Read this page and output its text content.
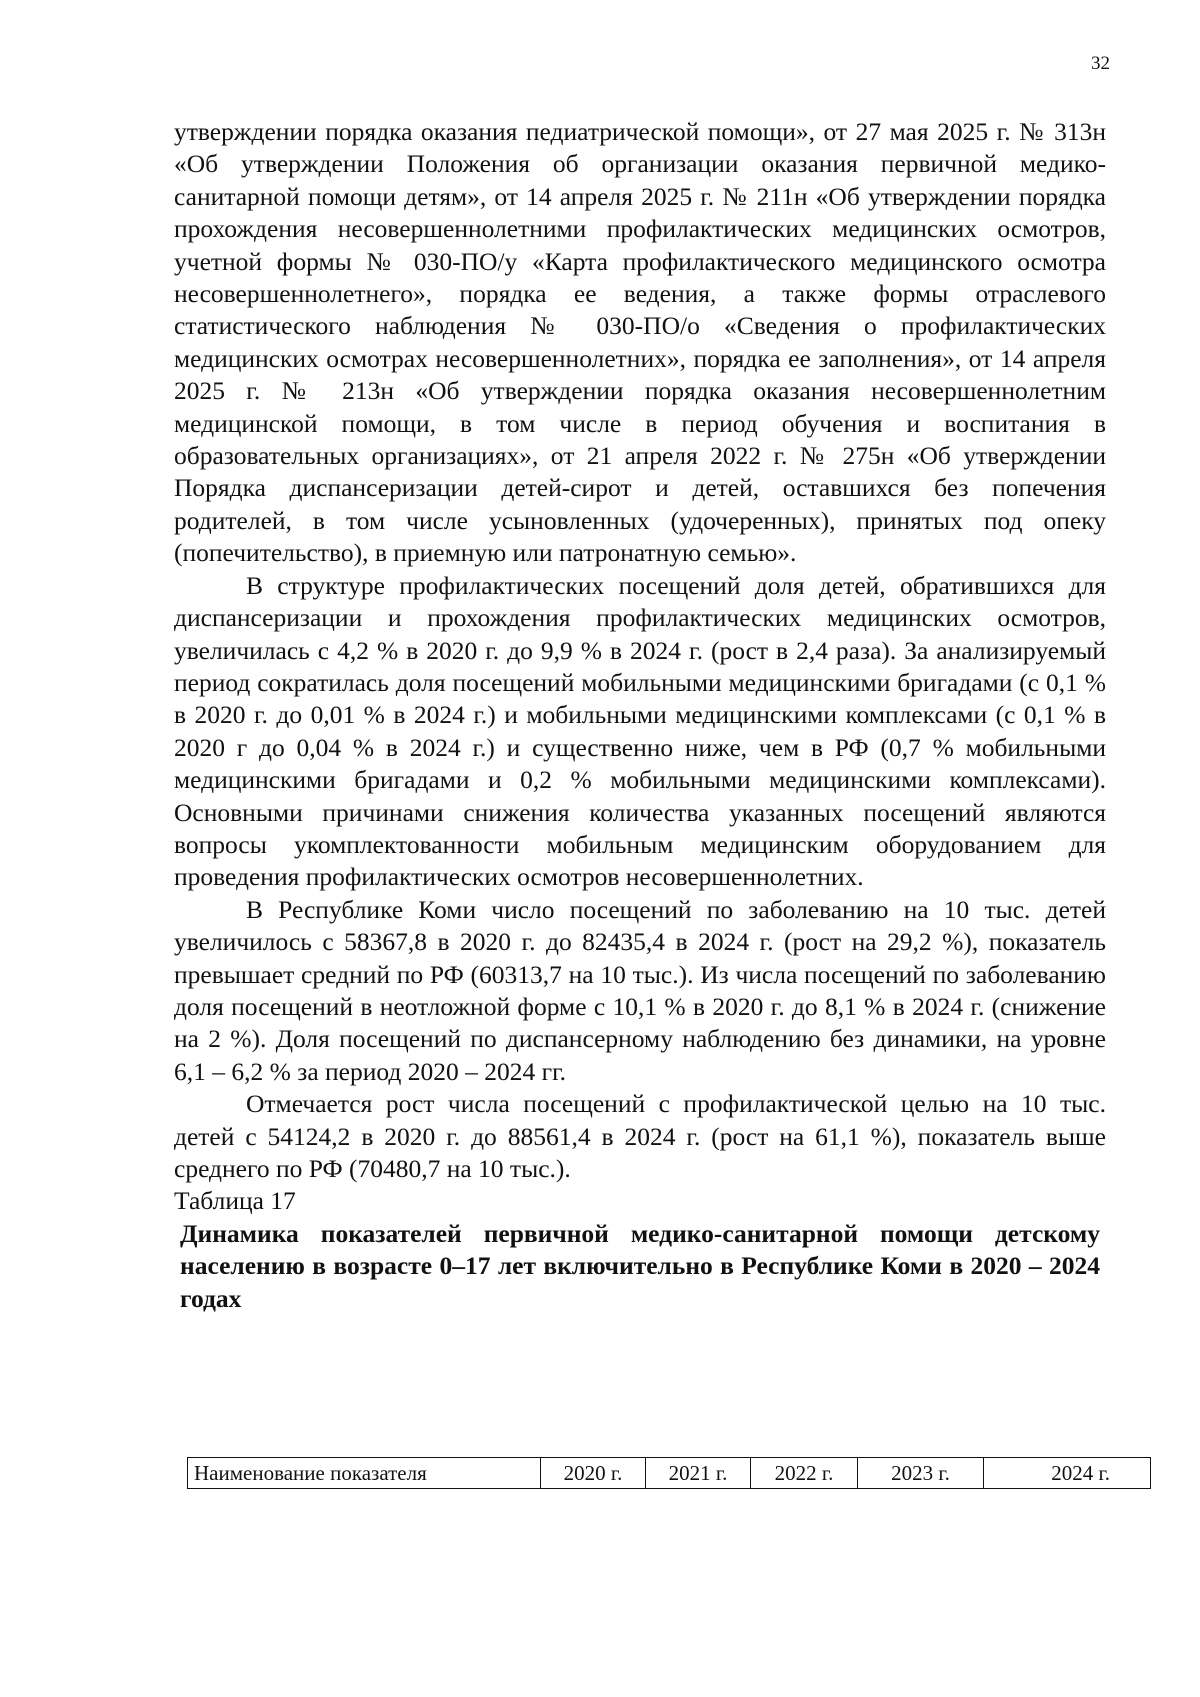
32

утверждении порядка оказания педиатрической помощи», от 27 мая 2025 г. № 313н «Об утверждении Положения об организации оказания первичной медико-санитарной помощи детям», от 14 апреля 2025 г. № 211н «Об утверждении порядка прохождения несовершеннолетними профилактических медицинских осмотров, учетной формы № 030-ПО/у «Карта профилактического медицинского осмотра несовершеннолетнего», порядка ее ведения, а также формы отраслевого статистического наблюдения № 030-ПО/о «Сведения о профилактических медицинских осмотрах несовершеннолетних», порядка ее заполнения», от 14 апреля 2025 г. № 213н «Об утверждении порядка оказания несовершеннолетним медицинской помощи, в том числе в период обучения и воспитания в образовательных организациях», от 21 апреля 2022 г. № 275н «Об утверждении Порядка диспансеризации детей-сирот и детей, оставшихся без попечения родителей, в том числе усыновленных (удочеренных), принятых под опеку (попечительство), в приемную или патронатную семью».

В структуре профилактических посещений доля детей, обратившихся для диспансеризации и прохождения профилактических медицинских осмотров, увеличилась с 4,2 % в 2020 г. до 9,9 % в 2024 г. (рост в 2,4 раза). За анализируемый период сократилась доля посещений мобильными медицинскими бригадами (с 0,1 % в 2020 г. до 0,01 % в 2024 г.) и мобильными медицинскими комплексами (с 0,1 % в 2020 г до 0,04 % в 2024 г.) и существенно ниже, чем в РФ (0,7 % мобильными медицинскими бригадами и 0,2 % мобильными медицинскими комплексами). Основными причинами снижения количества указанных посещений являются вопросы укомплектованности мобильным медицинским оборудованием для проведения профилактических осмотров несовершеннолетних.

В Республике Коми число посещений по заболеванию на 10 тыс. детей увеличилось с 58367,8 в 2020 г. до 82435,4 в 2024 г. (рост на 29,2 %), показатель превышает средний по РФ (60313,7 на 10 тыс.). Из числа посещений по заболеванию доля посещений в неотложной форме с 10,1 % в 2020 г. до 8,1 % в 2024 г. (снижение на 2 %). Доля посещений по диспансерному наблюдению без динамики, на уровне 6,1 – 6,2 % за период 2020 – 2024 гг.

Отмечается рост числа посещений с профилактической целью на 10 тыс. детей с 54124,2 в 2020 г. до 88561,4 в 2024 г. (рост на 61,1 %), показатель выше среднего по РФ (70480,7 на 10 тыс.).

Таблица 17

Динамика показателей первичной медико-санитарной помощи детскому населению в возрасте 0–17 лет включительно в Республике Коми в 2020 – 2024 годах

Наименование показателя	2020 г.	2021 г.	2022 г.	2023 г.	2024 г.
